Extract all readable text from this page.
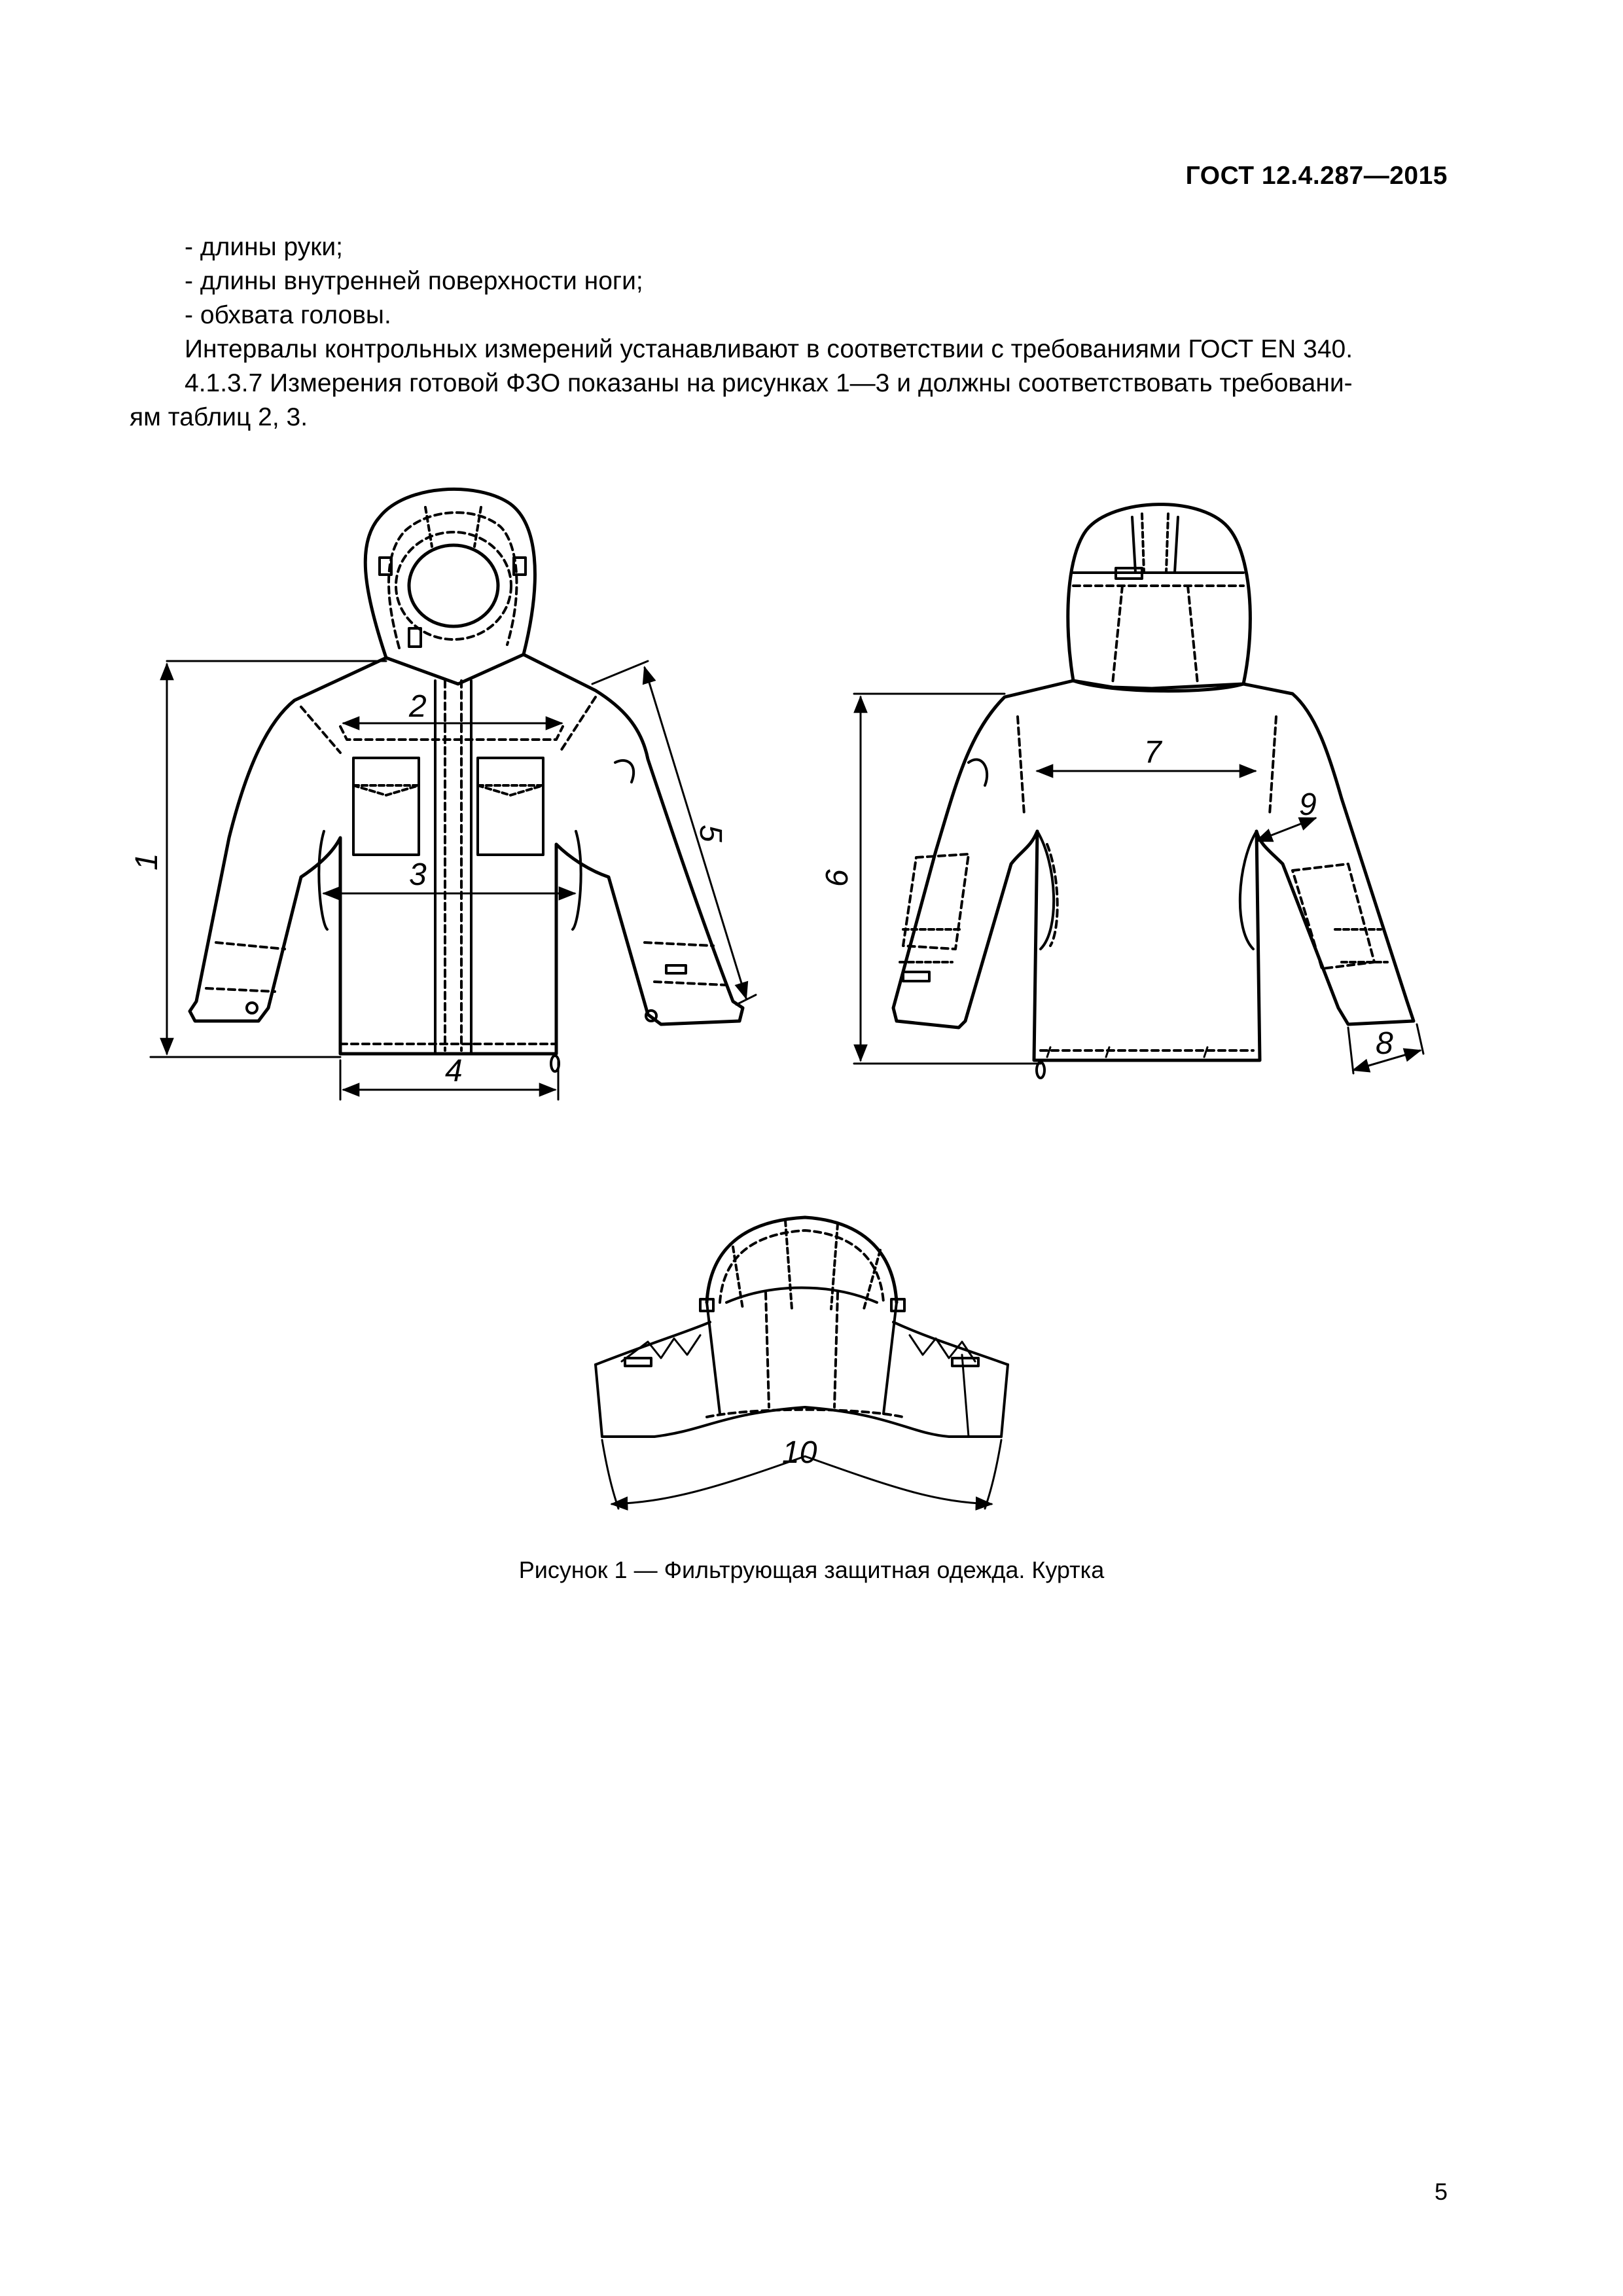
ГОСТ 12.4.287—2015
- длины руки;
- длины внутренней поверхности ноги;
- обхвата головы.
Интервалы контрольных измерений устанавливают в соответствии с требованиями ГОСТ EN 340.
4.1.3.7 Измерения готовой ФЗО показаны на рисунках 1—3 и должны соответствовать требовани-
ям таблиц 2, 3.
1
2
3
4
5
6
7
8
9
10
Рисунок 1 — Фильтрующая защитная одежда. Куртка
5
